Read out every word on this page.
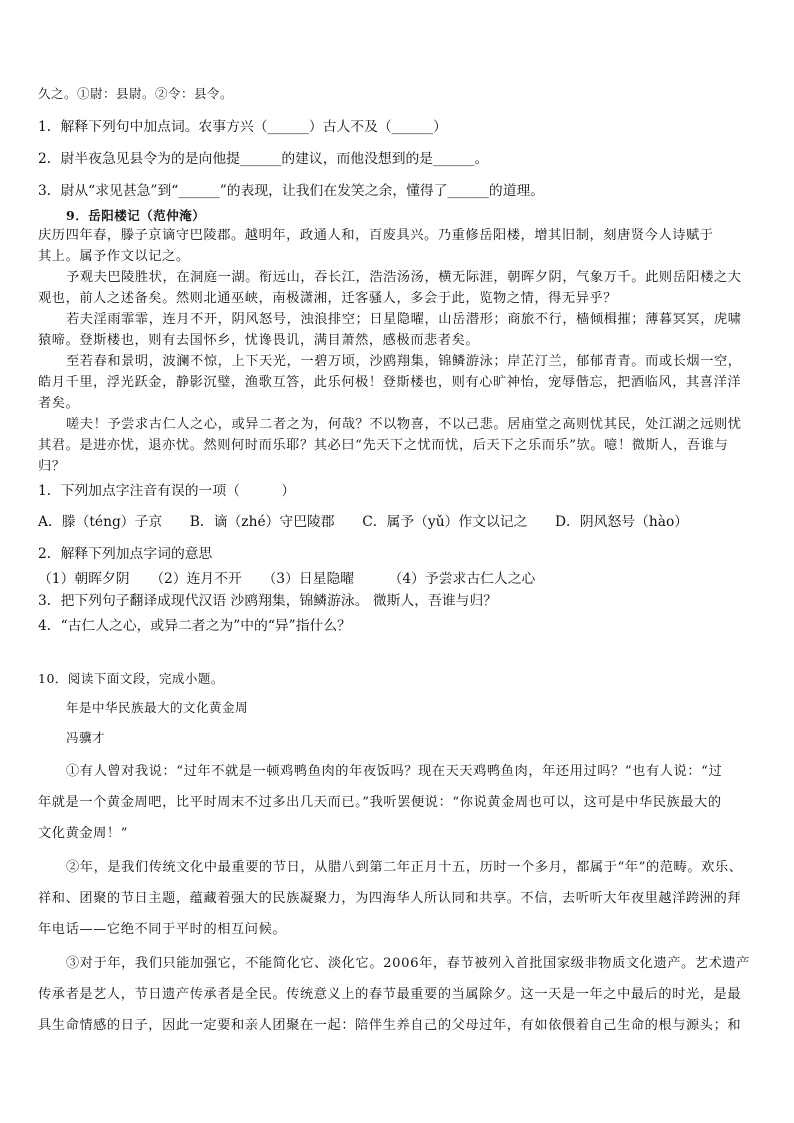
久之。①尉：县尉。②令：县令。
1．解释下列句中加点词。农事方兴（______）古人不及（______）
2．尉半夜急见县令为的是向他提______的建议，而他没想到的是______。
3．尉从“求见甚急”到“______”的表现，让我们在发笑之余，懂得了______的道理。
9．岳阳楼记（范仲淹）
庆历四年春，滕子京谪守巴陵郡。越明年，政通人和，百废具兴。乃重修岳阳楼，增其旧制，刻唐贤今人诗赋于
其上。属予作文以记之。
予观夫巴陵胜状，在洞庭一湖。衔远山，吞长江，浩浩汤汤，横无际涯，朝晖夕阴，气象万千。此则岳阳楼之大
观也，前人之述备矣。然则北通巫峡，南极潇湘，迁客骚人，多会于此，览物之情，得无异乎？
若夫淫雨霏霏，连月不开，阴风怒号，浊浪排空；日星隐曜，山岳潜形；商旅不行，樯倾楫摧；薄暮冥冥，虎啸
猿啼。登斯楼也，则有去国怀乡，忧谗畏讥，满目萧然，感极而悲者矣。
至若春和景明，波澜不惊，上下天光，一碧万顷，沙鸥翔集，锦鳞游泳；岸芷汀兰，郁郁青青。而或长烟一空，
皓月千里，浮光跃金，静影沉璧，渔歌互答，此乐何极！登斯楼也，则有心旷神怡，宠辱偕忘，把酒临风，其喜洋洋
者矣。
嗟夫！予尝求古仁人之心，或异二者之为，何哉？不以物喜，不以己悲。居庙堂之高则忧其民，处江湖之远则忧
其君。是进亦忧，退亦忧。然则何时而乐耶？其必曰“先天下之忧而忧，后天下之乐而乐”欤。噫！微斯人，吾谁与
归？
1．下列加点字注音有误的一项（　　　）
A．滕（téng）子京　　B．谪（zhé）守巴陵郡　　C．属予（yǔ）作文以记之　　D．阴风怒号（hào）
2．解释下列加点字词的意思
（1）朝晖夕阴　　（2）连月不开　　（3）日星隐曜　　　（4）予尝求古仁人之心
3．把下列句子翻译成现代汉语 沙鸥翔集，锦鳞游泳。 微斯人，吾谁与归？
4．“古仁人之心，或异二者之为”中的“异”指什么？
10．阅读下面文段，完成小题。
年是中华民族最大的文化黄金周
冯骥才
①有人曾对我说：“过年不就是一顿鸡鸭鱼肉的年夜饭吗？现在天天鸡鸭鱼肉，年还用过吗？”也有人说：“过
年就是一个黄金周吧，比平时周末不过多出几天而已。”我听罢便说：“你说黄金周也可以，这可是中华民族最大的
文化黄金周！”
②年，是我们传统文化中最重要的节日，从腊八到第二年正月十五，历时一个多月，都属于“年”的范畴。欢乐、
祥和、团聚的节日主题，蕴藏着强大的民族凝聚力，为四海华人所认同和共享。不信，去听听大年夜里越洋跨洲的拜
年电话——它绝不同于平时的相互问候。
③对于年，我们只能加强它，不能简化它、淡化它。2006年，春节被列入首批国家级非物质文化遗产。艺术遗产
传承者是艺人，节日遗产传承者是全民。传统意义上的春节最重要的当属除夕。这一天是一年之中最后的时光，是最
具生命情感的日子，因此一定要和亲人团聚在一起：陪伴生养自己的父母过年，有如依偎着自己生命的根与源头；和
